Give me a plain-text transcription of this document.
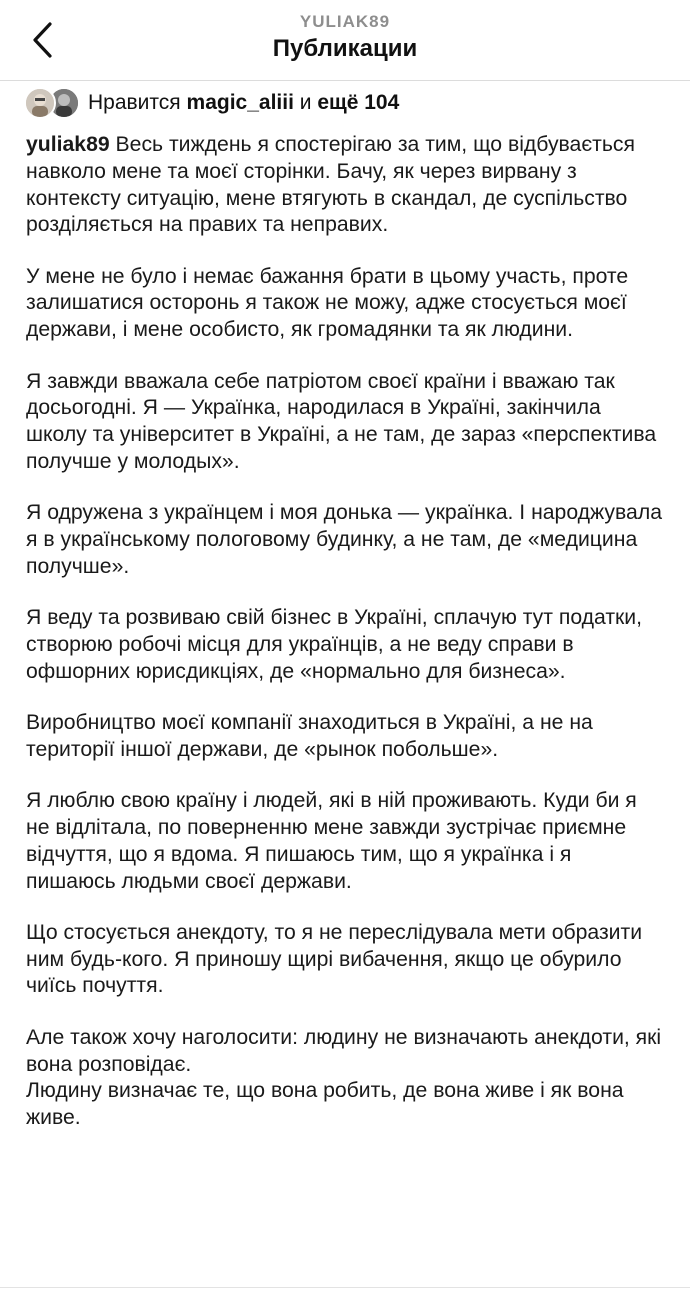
YULIAK89
Публикации
Нравится magic_aliii и ещё 104

yuliak89 Весь тиждень я спостерігаю за тим, що відбувається навколо мене та моєї сторінки. Бачу, як через вирвану з контексту ситуацію, мене втягують в скандал, де суспільство розділяється на правих та неправих.

У мене не було і немає бажання брати в цьому участь, проте залишатися осторонь я також не можу, адже стосується моєї держави, і мене особисто, як громадянки та як людини.

Я завжди вважала себе патріотом своєї країни і вважаю так досьогодні. Я — Українка, народилася в Україні, закінчила школу та університет в Україні, а не там, де зараз «перспектива получше у молодых».

Я одружена з українцем і моя донька — українка. І народжувала я в українському пологовому будинку, а не там, де «медицина получше».

Я веду та розвиваю свій бізнес в Україні, сплачую тут податки, створюю робочі місця для українців, а не веду справи в офшорних юрисдикціях, де «нормально для бизнеса».

Виробництво моєї компанії знаходиться в Україні, а не на території іншої держави, де «рынок побольше».

Я люблю свою країну і людей, які в ній проживають. Куди би я не відлітала, по поверненню мене завжди зустрічає приємне відчуття, що я вдома. Я пишаюсь тим, що я українка і я пишаюсь людьми своєї держави.

Що стосується анекдоту, то я не переслідувала мети образити ним будь-кого. Я приношу щирі вибачення, якщо це обурило чиїсь почуття.

Але також хочу наголосити: людину не визначають анекдоти, які вона розповідає.

Людину визначає те, що вона робить, де вона живе і як вона живе.
